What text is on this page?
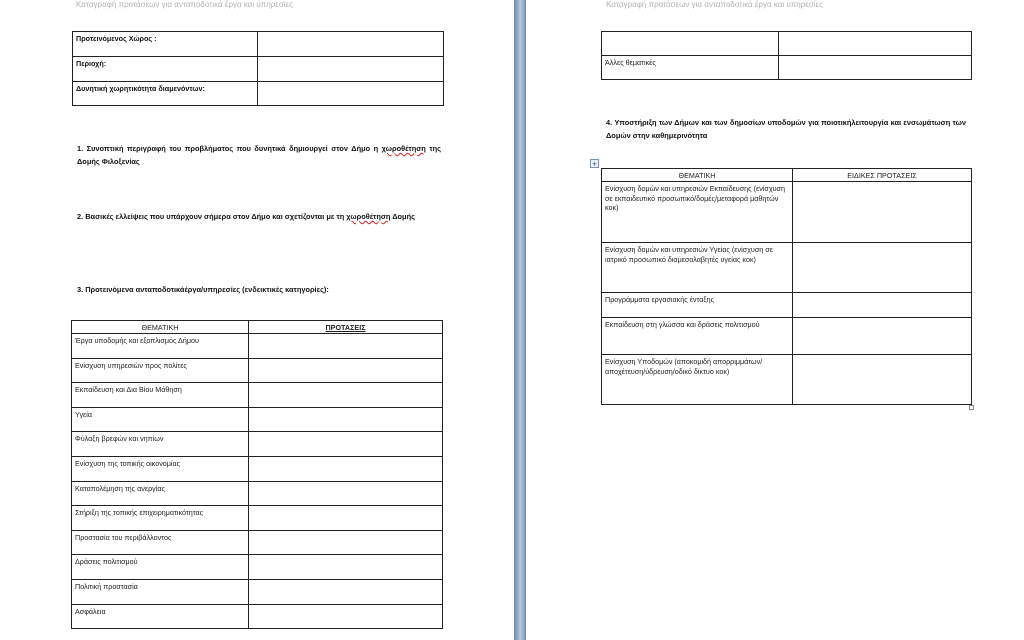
Καταγραφή προτάσεων για ανταποδοτικά έργα και υπηρεσίες
Προτεινόμενος Χώρος :	
Περιοχή:	
Δυνητική χωρητικότητα διαμενόντων:	
1. Συνοπτική περιγραφή του προβλήματος που δυνητικά δημιουργεί στον Δήμο η χωροθέτηση της Δομής Φιλοξενίας
2. Βασικές ελλείψεις που υπάρχουν σήμερα στον Δήμο και σχετίζονται με τη χωροθέτηση Δομής
3. Προτεινόμενα ανταποδοτικάέργα/υπηρεσίες (ενδεικτικές κατηγορίες):
ΘΕΜΑΤΙΚΗ	ΠΡΟΤΑΣΕΙΣ
Έργα υποδομής και εξοπλισμός Δήμου	
Ενίσχυση υπηρεσιών προς πολίτες	
Εκπαίδευση και Δια Βίου Μάθηση	
Υγεία	
Φύλαξη βρεφών και νηπίων	
Ενίσχυση της τοπικής οικονομίας	
Καταπολέμηση της ανεργίας	
Στήριξη της τοπικής επιχειρηματικότητας	
Προστασία του περιβάλλοντος	
Δράσεις πολιτισμού	
Πολιτική προστασία	
Ασφάλεια	
Καταγραφή προτάσεων για ανταποδοτικά έργα και υπηρεσίες

Άλλες θεματικές	
4. Υποστήριξη των Δήμων και των δημοσίων υποδομών για ποιοτικήλειτουργία και ενσωμάτωση των Δομών στην καθημερινότητα
ΘΕΜΑΤΙΚΗ	ΕΙΔΙΚΕΣ ΠΡΟΤΑΣΕΙΣ
Ενίσχυση δομών και υπηρεσιών Εκπαίδευσης (ενίσχυση σε εκπαιδευτικό προσωπικό/δομές/μεταφορά μαθητών κοκ)	
Ενίσχυση δομών και υπηρεσιών Υγείας (ενίσχυση σε ιατρικό προσωπικό διαμεσολαβητές υγείας κοκ)	
Προγράμματα εργασιακής ένταξης	
Εκπαίδευση στη γλώσσα και δράσεις πολιτισμού	
Ενίσχυση Υποδομών (αποκομιδή απορριμμάτων/αποχέτευση/ύδρευση/οδικό δίκτυο κοκ)	
+
